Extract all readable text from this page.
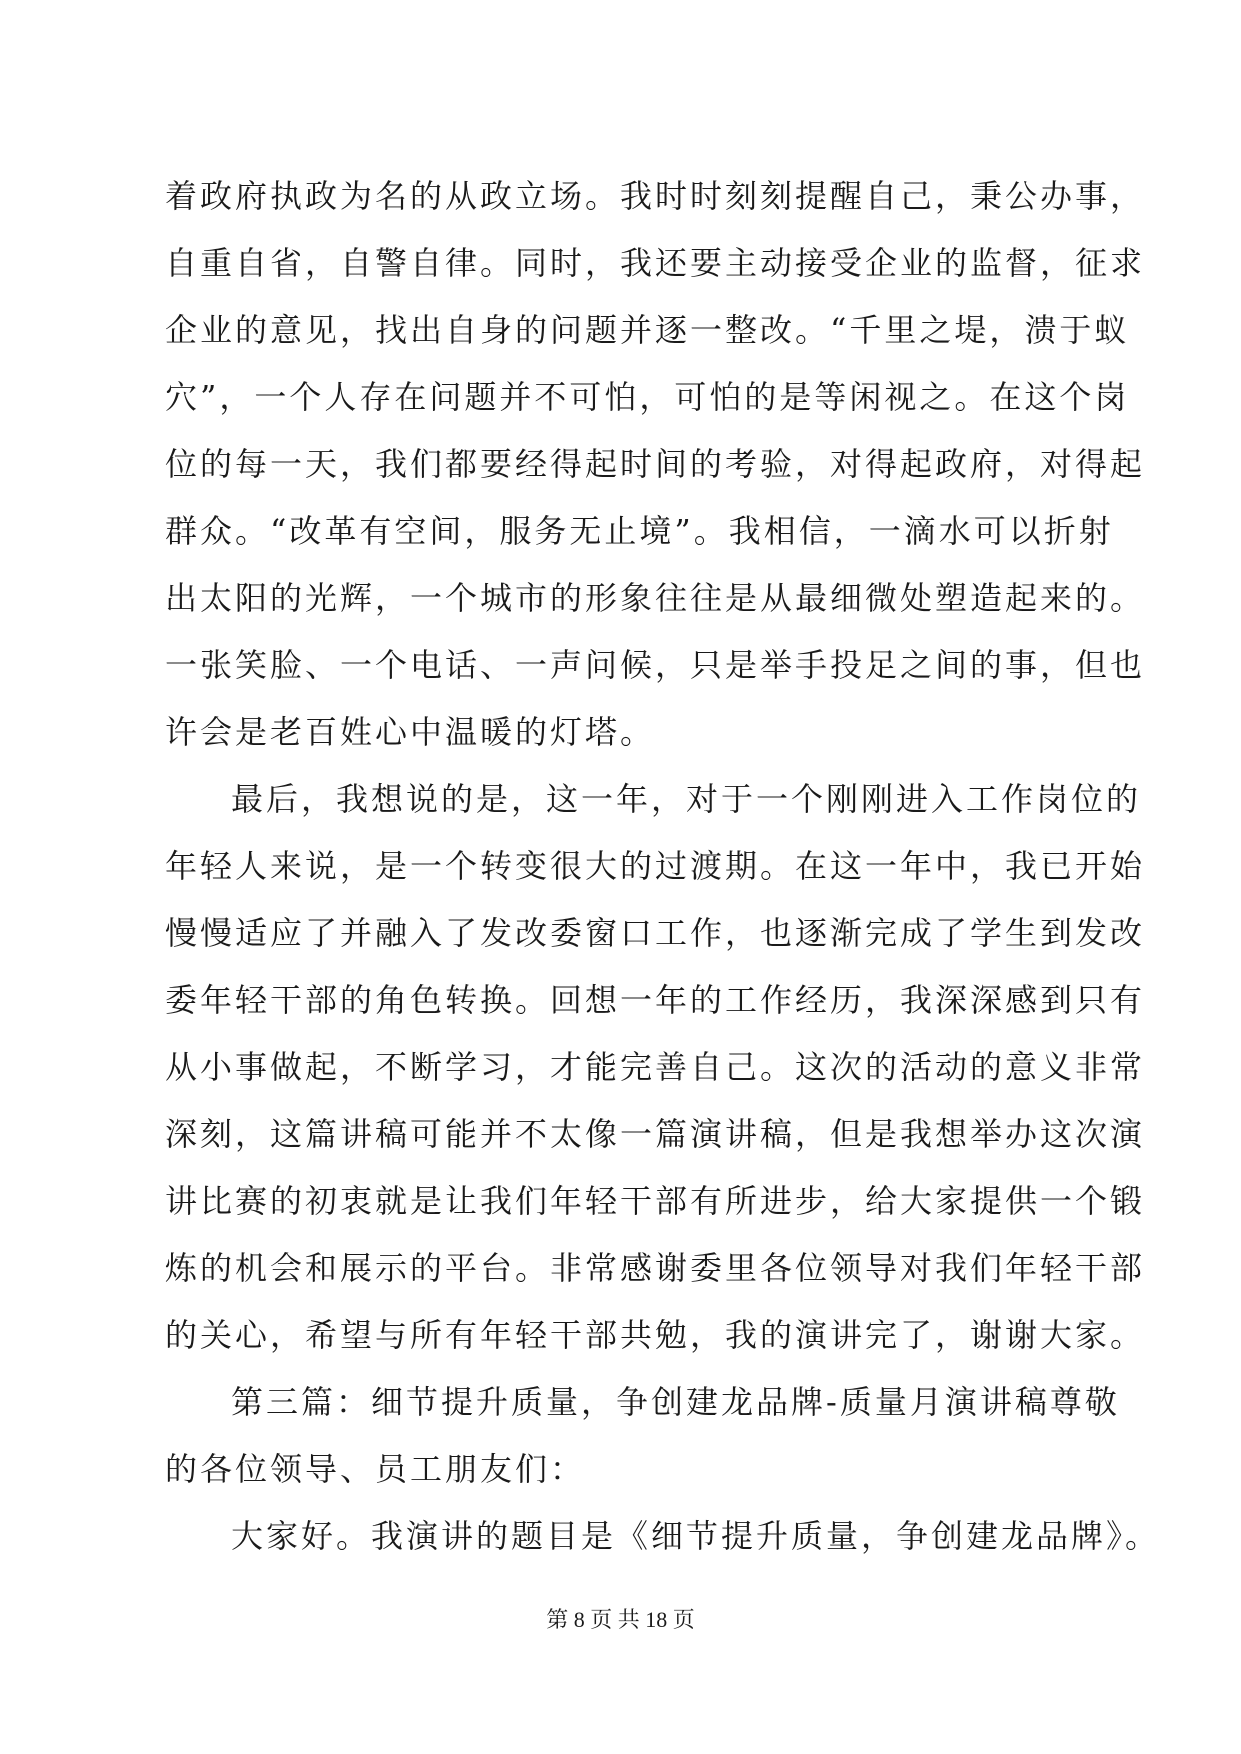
着政府执政为名的从政立场。我时时刻刻提醒自己，秉公办事，
自重自省，自警自律。同时，我还要主动接受企业的监督，征求
企业的意见，找出自身的问题并逐一整改。“千里之堤，溃于蚁
穴”，一个人存在问题并不可怕，可怕的是等闲视之。在这个岗
位的每一天，我们都要经得起时间的考验，对得起政府，对得起
群众。“改革有空间，服务无止境”。我相信，一滴水可以折射
出太阳的光辉，一个城市的形象往往是从最细微处塑造起来的。
一张笑脸、一个电话、一声问候，只是举手投足之间的事，但也
许会是老百姓心中温暖的灯塔。
最后，我想说的是，这一年，对于一个刚刚进入工作岗位的
年轻人来说，是一个转变很大的过渡期。在这一年中，我已开始
慢慢适应了并融入了发改委窗口工作，也逐渐完成了学生到发改
委年轻干部的角色转换。回想一年的工作经历，我深深感到只有
从小事做起，不断学习，才能完善自己。这次的活动的意义非常
深刻，这篇讲稿可能并不太像一篇演讲稿，但是我想举办这次演
讲比赛的初衷就是让我们年轻干部有所进步，给大家提供一个锻
炼的机会和展示的平台。非常感谢委里各位领导对我们年轻干部
的关心，希望与所有年轻干部共勉，我的演讲完了，谢谢大家。
第三篇：细节提升质量，争创建龙品牌-质量月演讲稿尊敬
的各位领导、员工朋友们：
大家好。我演讲的题目是《细节提升质量，争创建龙品牌》。
第 8 页 共 18 页
